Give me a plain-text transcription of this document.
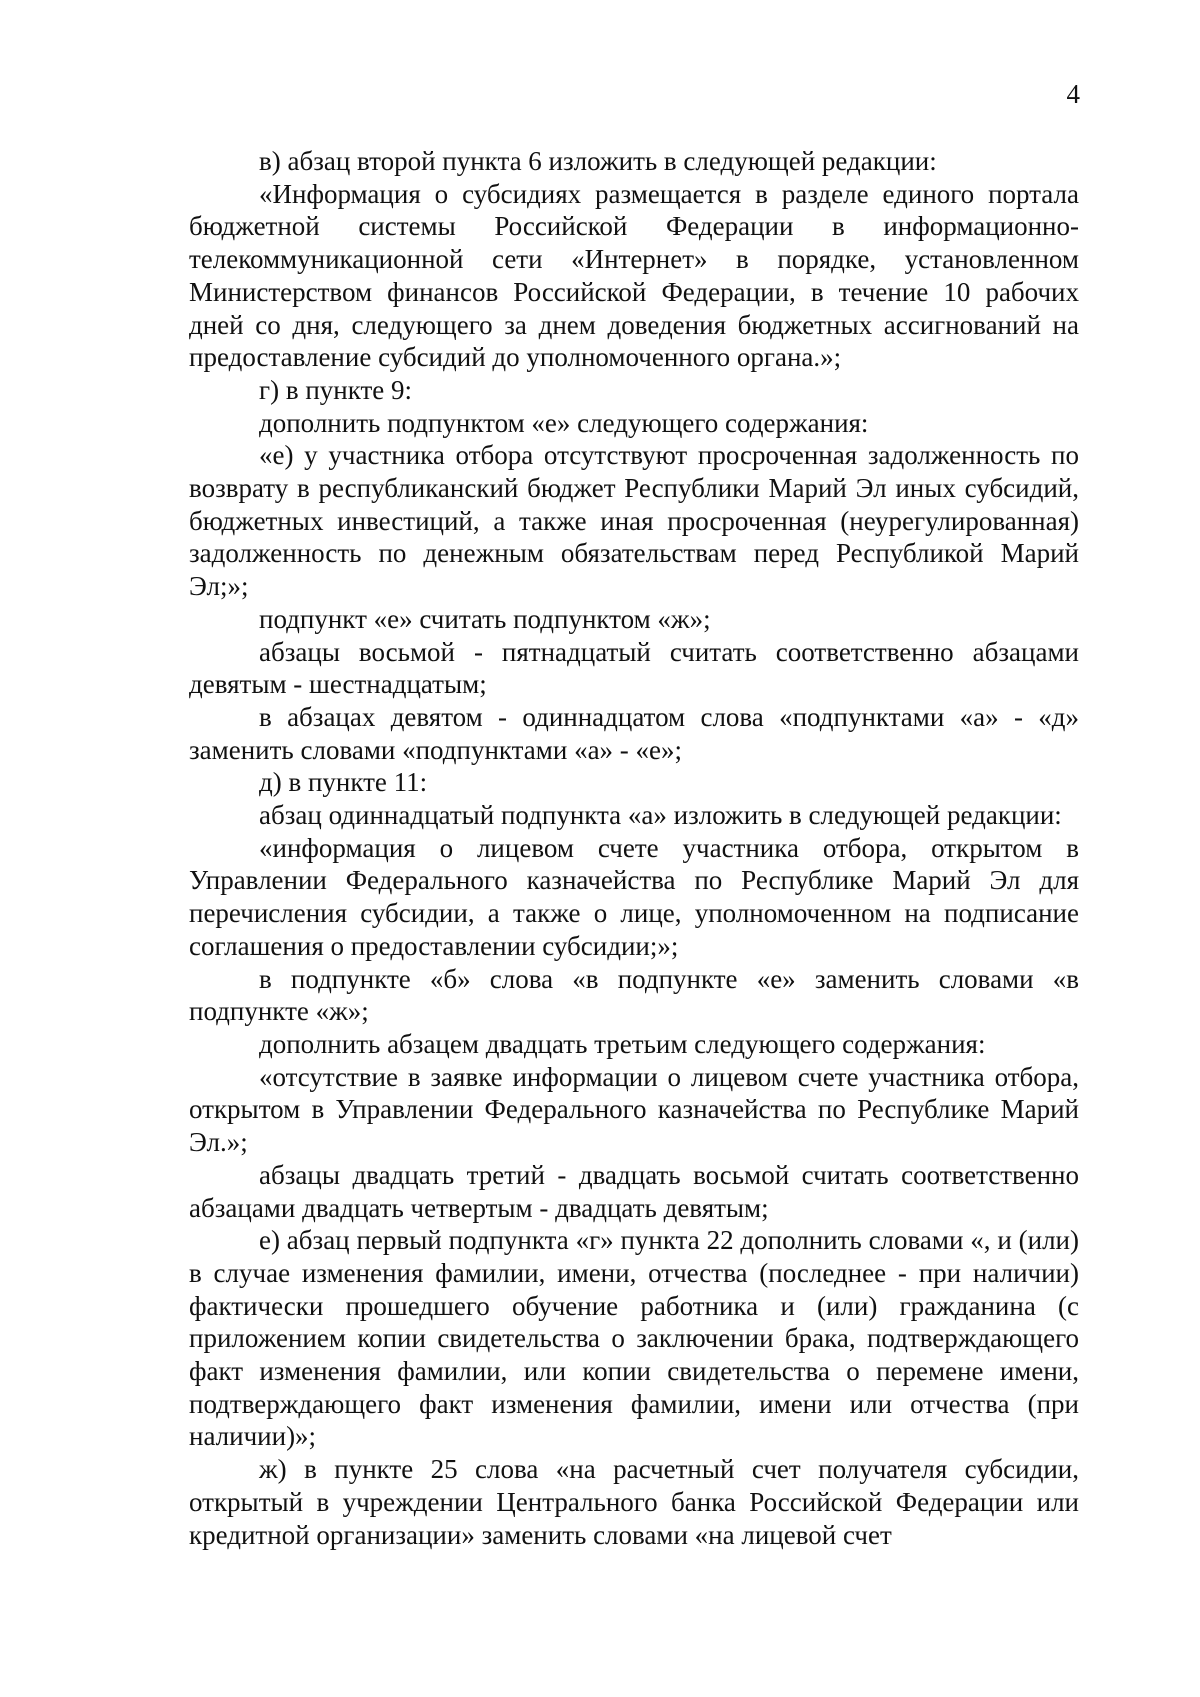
4

в) абзац второй пункта 6 изложить в следующей редакции:

«Информация о субсидиях размещается в разделе единого портала бюджетной системы Российской Федерации в информационно-телекоммуникационной сети «Интернет» в порядке, установленном Министерством финансов Российской Федерации, в течение 10 рабочих дней со дня, следующего за днем доведения бюджетных ассигнований на предоставление субсидий до уполномоченного органа.»;

г) в пункте 9:

дополнить подпунктом «е» следующего содержания:

«е) у участника отбора отсутствуют просроченная задолженность по возврату в республиканский бюджет Республики Марий Эл иных субсидий, бюджетных инвестиций, а также иная просроченная (неурегулированная) задолженность по денежным обязательствам перед Республикой Марий Эл;»;

подпункт «е» считать подпунктом «ж»;

абзацы восьмой - пятнадцатый считать соответственно абзацами девятым - шестнадцатым;

в абзацах девятом - одиннадцатом слова «подпунктами «а» - «д» заменить словами «подпунктами «а» - «е»;

д) в пункте 11:

абзац одиннадцатый подпункта «а» изложить в следующей редакции:

«информация о лицевом счете участника отбора, открытом в Управлении Федерального казначейства по Республике Марий Эл для перечисления субсидии, а также о лице, уполномоченном на подписание соглашения о предоставлении субсидии;»;

в подпункте «б» слова «в подпункте «е» заменить словами «в подпункте «ж»;

дополнить абзацем двадцать третьим следующего содержания:

«отсутствие в заявке информации о лицевом счете участника отбора, открытом в Управлении Федерального казначейства по Республике Марий Эл.»;

абзацы двадцать третий - двадцать восьмой считать соответственно абзацами двадцать четвертым - двадцать девятым;

е) абзац первый подпункта «г» пункта 22 дополнить словами «, и (или) в случае изменения фамилии, имени, отчества (последнее - при наличии) фактически прошедшего обучение работника и (или) гражданина (с приложением копии свидетельства о заключении брака, подтверждающего факт изменения фамилии, или копии свидетельства о перемене имени, подтверждающего факт изменения фамилии, имени или отчества (при наличии)»;

ж) в пункте 25 слова «на расчетный счет получателя субсидии, открытый в учреждении Центрального банка Российской Федерации или кредитной организации» заменить словами «на лицевой счет
